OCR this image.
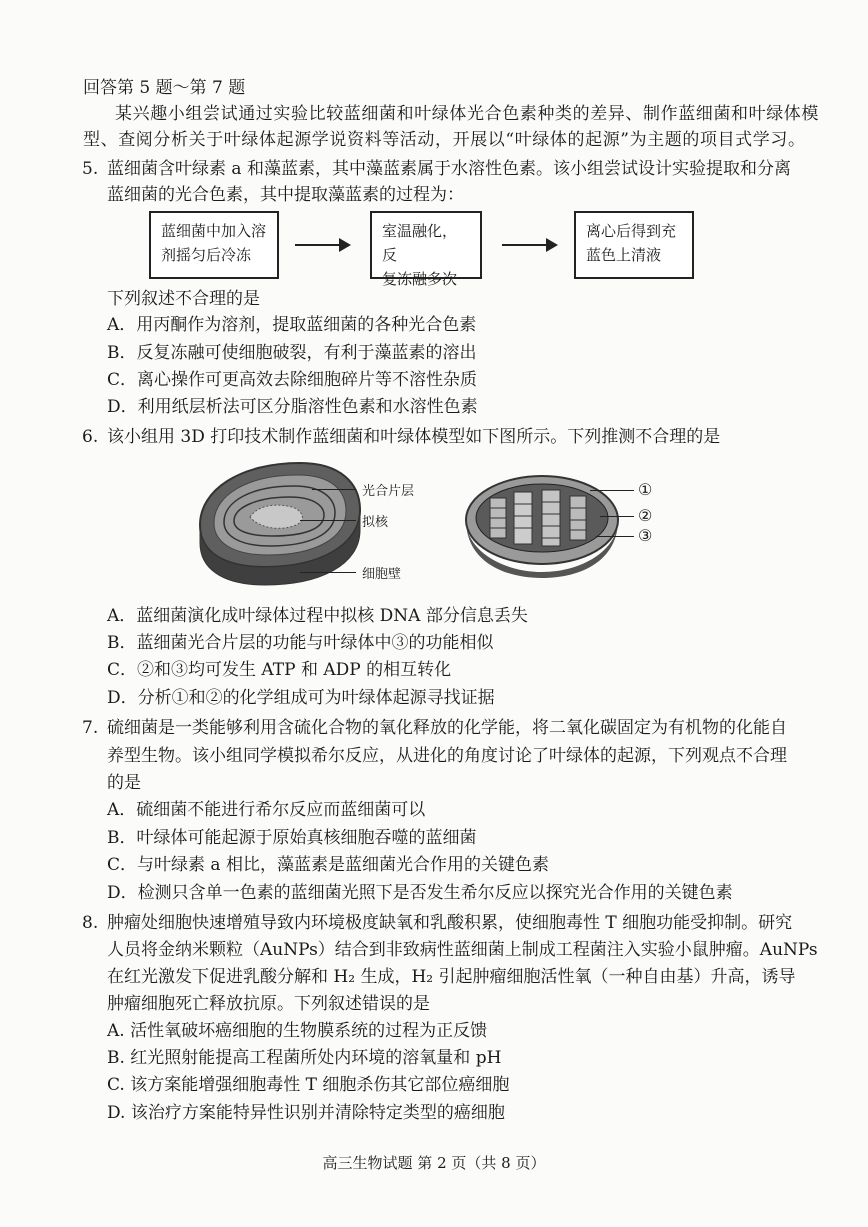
回答第 5 题～第 7 题
某兴趣小组尝试通过实验比较蓝细菌和叶绿体光合色素种类的差异、制作蓝细菌和叶绿体模
型、查阅分析关于叶绿体起源学说资料等活动，开展以“叶绿体的起源”为主题的项目式学习。
5. 蓝细菌含叶绿素 a 和藻蓝素，其中藻蓝素属于水溶性色素。该小组尝试设计实验提取和分离
蓝细菌的光合色素，其中提取藻蓝素的过程为：
蓝细菌中加入溶
剂摇匀后冷冻
室温融化，反
复冻融多次
离心后得到充
蓝色上清液
下列叙述不合理的是
A．用丙酮作为溶剂，提取蓝细菌的各种光合色素
B．反复冻融可使细胞破裂，有利于藻蓝素的溶出
C．离心操作可更高效去除细胞碎片等不溶性杂质
D．利用纸层析法可区分脂溶性色素和水溶性色素
6. 该小组用 3D 打印技术制作蓝细菌和叶绿体模型如下图所示。下列推测不合理的是
光合片层
拟核
细胞壁
①
②
③
A．蓝细菌演化成叶绿体过程中拟核 DNA 部分信息丢失
B．蓝细菌光合片层的功能与叶绿体中③的功能相似
C．②和③均可发生 ATP 和 ADP 的相互转化
D．分析①和②的化学组成可为叶绿体起源寻找证据
7. 硫细菌是一类能够利用含硫化合物的氧化释放的化学能，将二氧化碳固定为有机物的化能自
养型生物。该小组同学模拟希尔反应，从进化的角度讨论了叶绿体的起源，下列观点不合理
的是
A．硫细菌不能进行希尔反应而蓝细菌可以
B．叶绿体可能起源于原始真核细胞吞噬的蓝细菌
C．与叶绿素 a 相比，藻蓝素是蓝细菌光合作用的关键色素
D．检测只含单一色素的蓝细菌光照下是否发生希尔反应以探究光合作用的关键色素
8. 肿瘤处细胞快速增殖导致内环境极度缺氧和乳酸积累，使细胞毒性 T 细胞功能受抑制。研究
人员将金纳米颗粒（AuNPs）结合到非致病性蓝细菌上制成工程菌注入实验小鼠肿瘤。AuNPs
在红光激发下促进乳酸分解和 H₂ 生成，H₂ 引起肿瘤细胞活性氧（一种自由基）升高，诱导
肿瘤细胞死亡释放抗原。下列叙述错误的是
A. 活性氧破坏癌细胞的生物膜系统的过程为正反馈
B. 红光照射能提高工程菌所处内环境的溶氧量和 pH
C. 该方案能增强细胞毒性 T 细胞杀伤其它部位癌细胞
D. 该治疗方案能特异性识别并清除特定类型的癌细胞
高三生物试题 第 2 页（共 8 页）
